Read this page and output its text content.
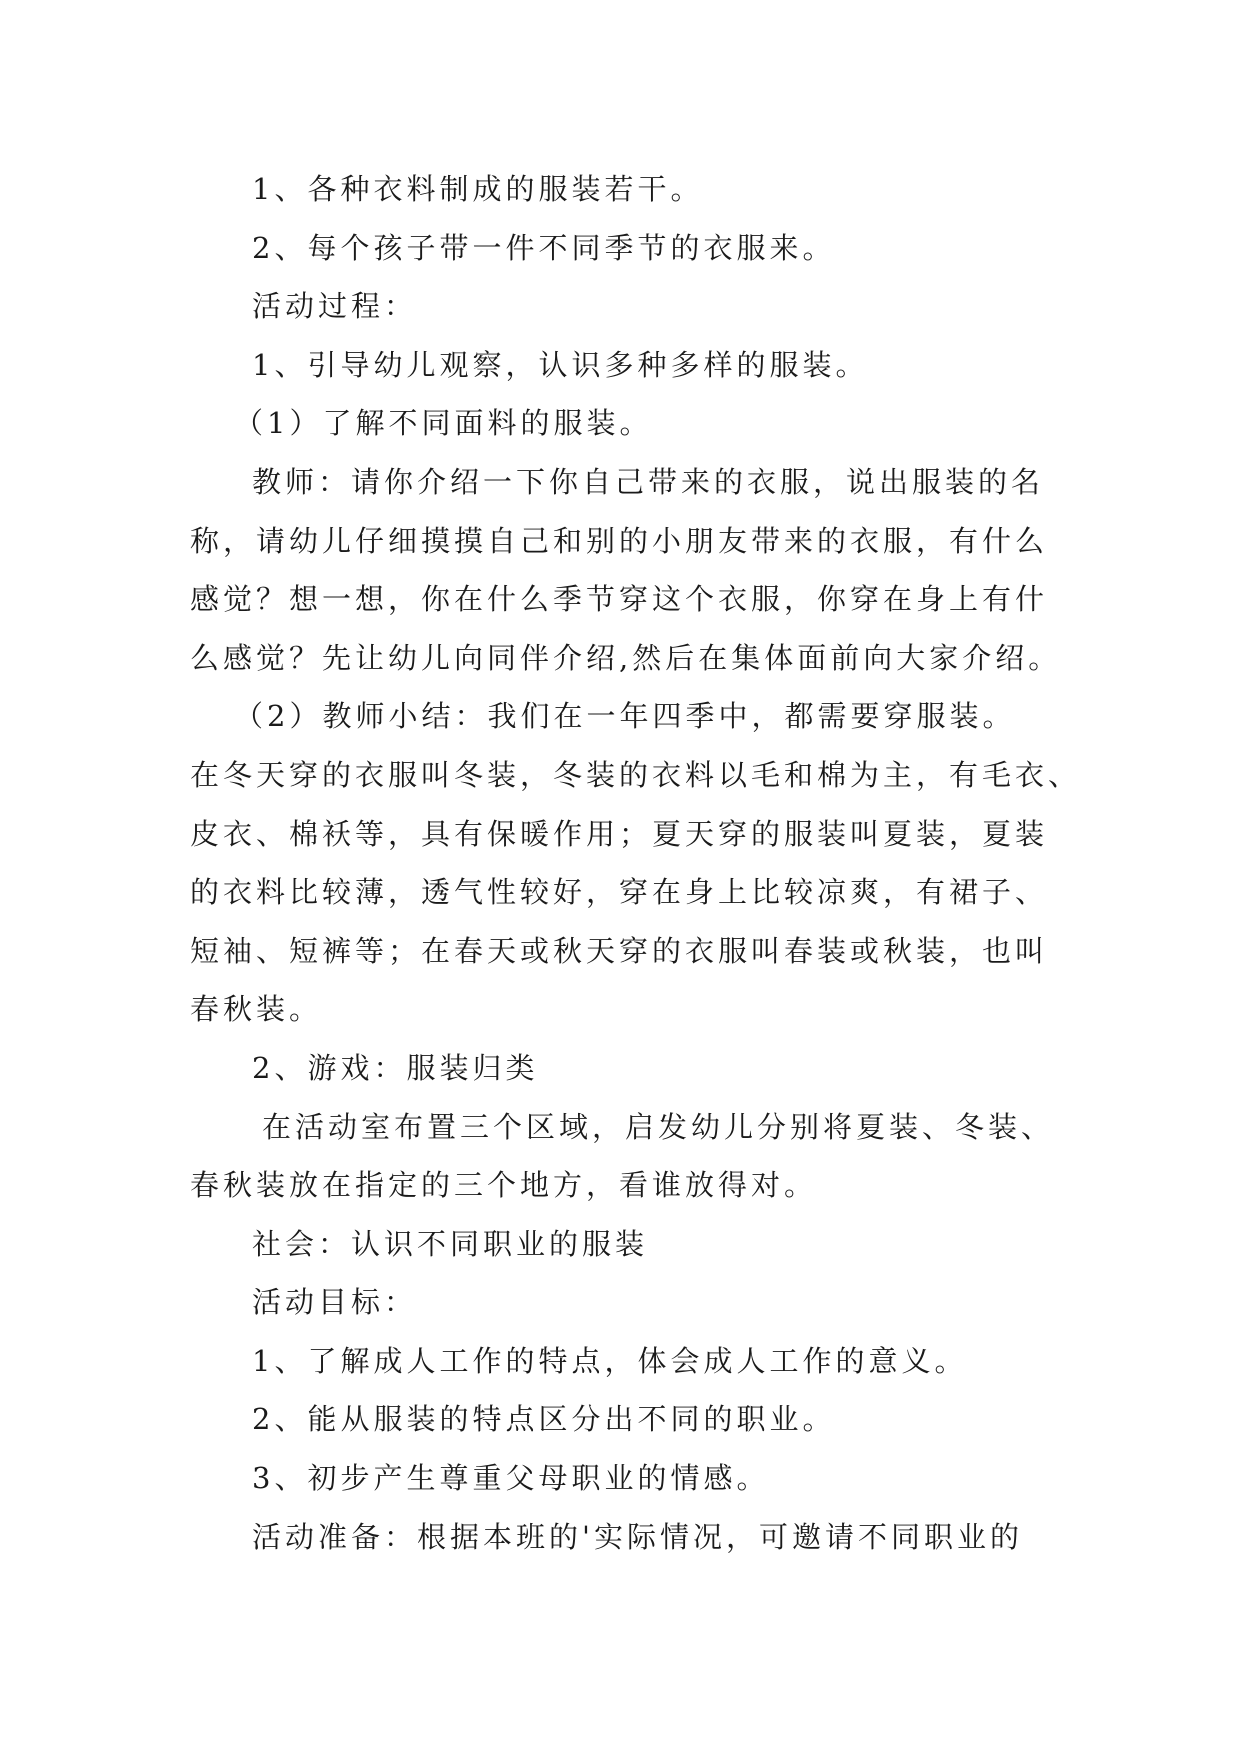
1、各种衣料制成的服装若干。
2、每个孩子带一件不同季节的衣服来。
活动过程：
1、引导幼儿观察，认识多种多样的服装。
（1）了解不同面料的服装。
教师：请你介绍一下你自己带来的衣服，说出服装的名
称，请幼儿仔细摸摸自己和别的小朋友带来的衣服，有什么
感觉？想一想，你在什么季节穿这个衣服，你穿在身上有什
么感觉？先让幼儿向同伴介绍,然后在集体面前向大家介绍。
（2）教师小结：我们在一年四季中，都需要穿服装。
在冬天穿的衣服叫冬装，冬装的衣料以毛和棉为主，有毛衣、
皮衣、棉袄等，具有保暖作用；夏天穿的服装叫夏装，夏装
的衣料比较薄，透气性较好，穿在身上比较凉爽，有裙子、
短袖、短裤等；在春天或秋天穿的衣服叫春装或秋装，也叫
春秋装。
2、游戏：服装归类
在活动室布置三个区域，启发幼儿分别将夏装、冬装、
春秋装放在指定的三个地方，看谁放得对。
社会：认识不同职业的服装
活动目标：
1、了解成人工作的特点，体会成人工作的意义。
2、能从服装的特点区分出不同的职业。
3、初步产生尊重父母职业的情感。
活动准备：根据本班的'实际情况，可邀请不同职业的
